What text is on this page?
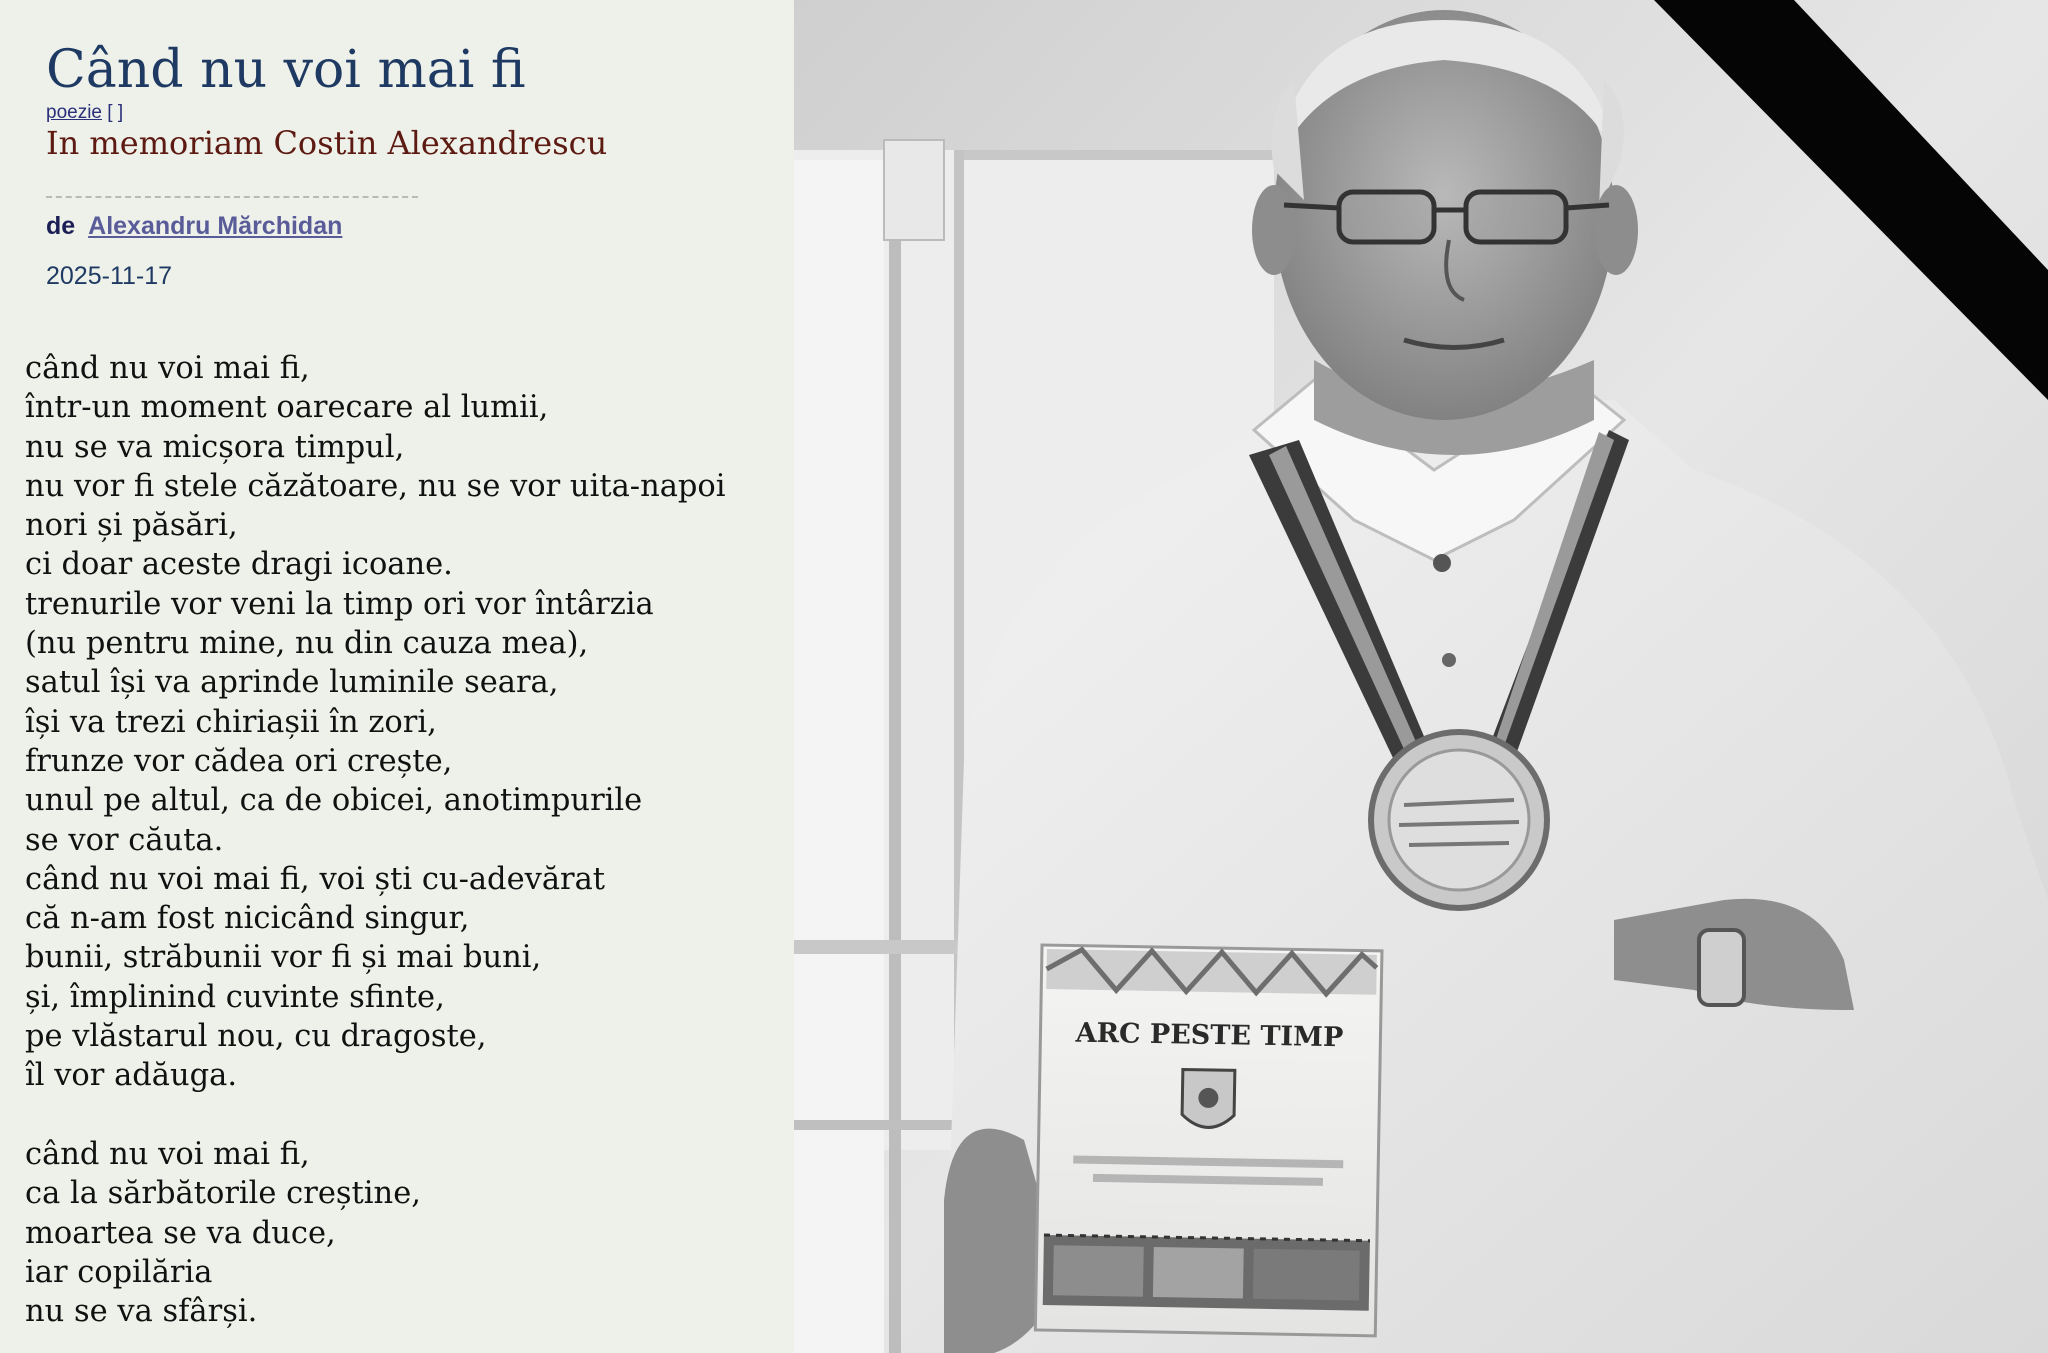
Când nu voi mai fi
poezie [ ]
In memoriam Costin Alexandrescu
de Alexandru Mărchidan
2025-11-17
când nu voi mai fi,
într-un moment oarecare al lumii,
nu se va micșora timpul,
nu vor fi stele căzătoare, nu se vor uita-napoi
nori și păsări,
ci doar aceste dragi icoane.
trenurile vor veni la timp ori vor întârzia
(nu pentru mine, nu din cauza mea),
satul își va aprinde luminile seara,
își va trezi chiriașii în zori,
frunze vor cădea ori crește,
unul pe altul, ca de obicei, anotimpurile
se vor căuta.
când nu voi mai fi, voi ști cu-adevărat
că n-am fost nicicând singur,
bunii, străbunii vor fi și mai buni,
și, împlinind cuvinte sfinte,
pe vlăstarul nou, cu dragoste,
îl vor adăuga.
când nu voi mai fi,
ca la sărbătorile creștine,
moartea se va duce,
iar copilăria
nu se va sfârși.
ARC PESTE TIMP
